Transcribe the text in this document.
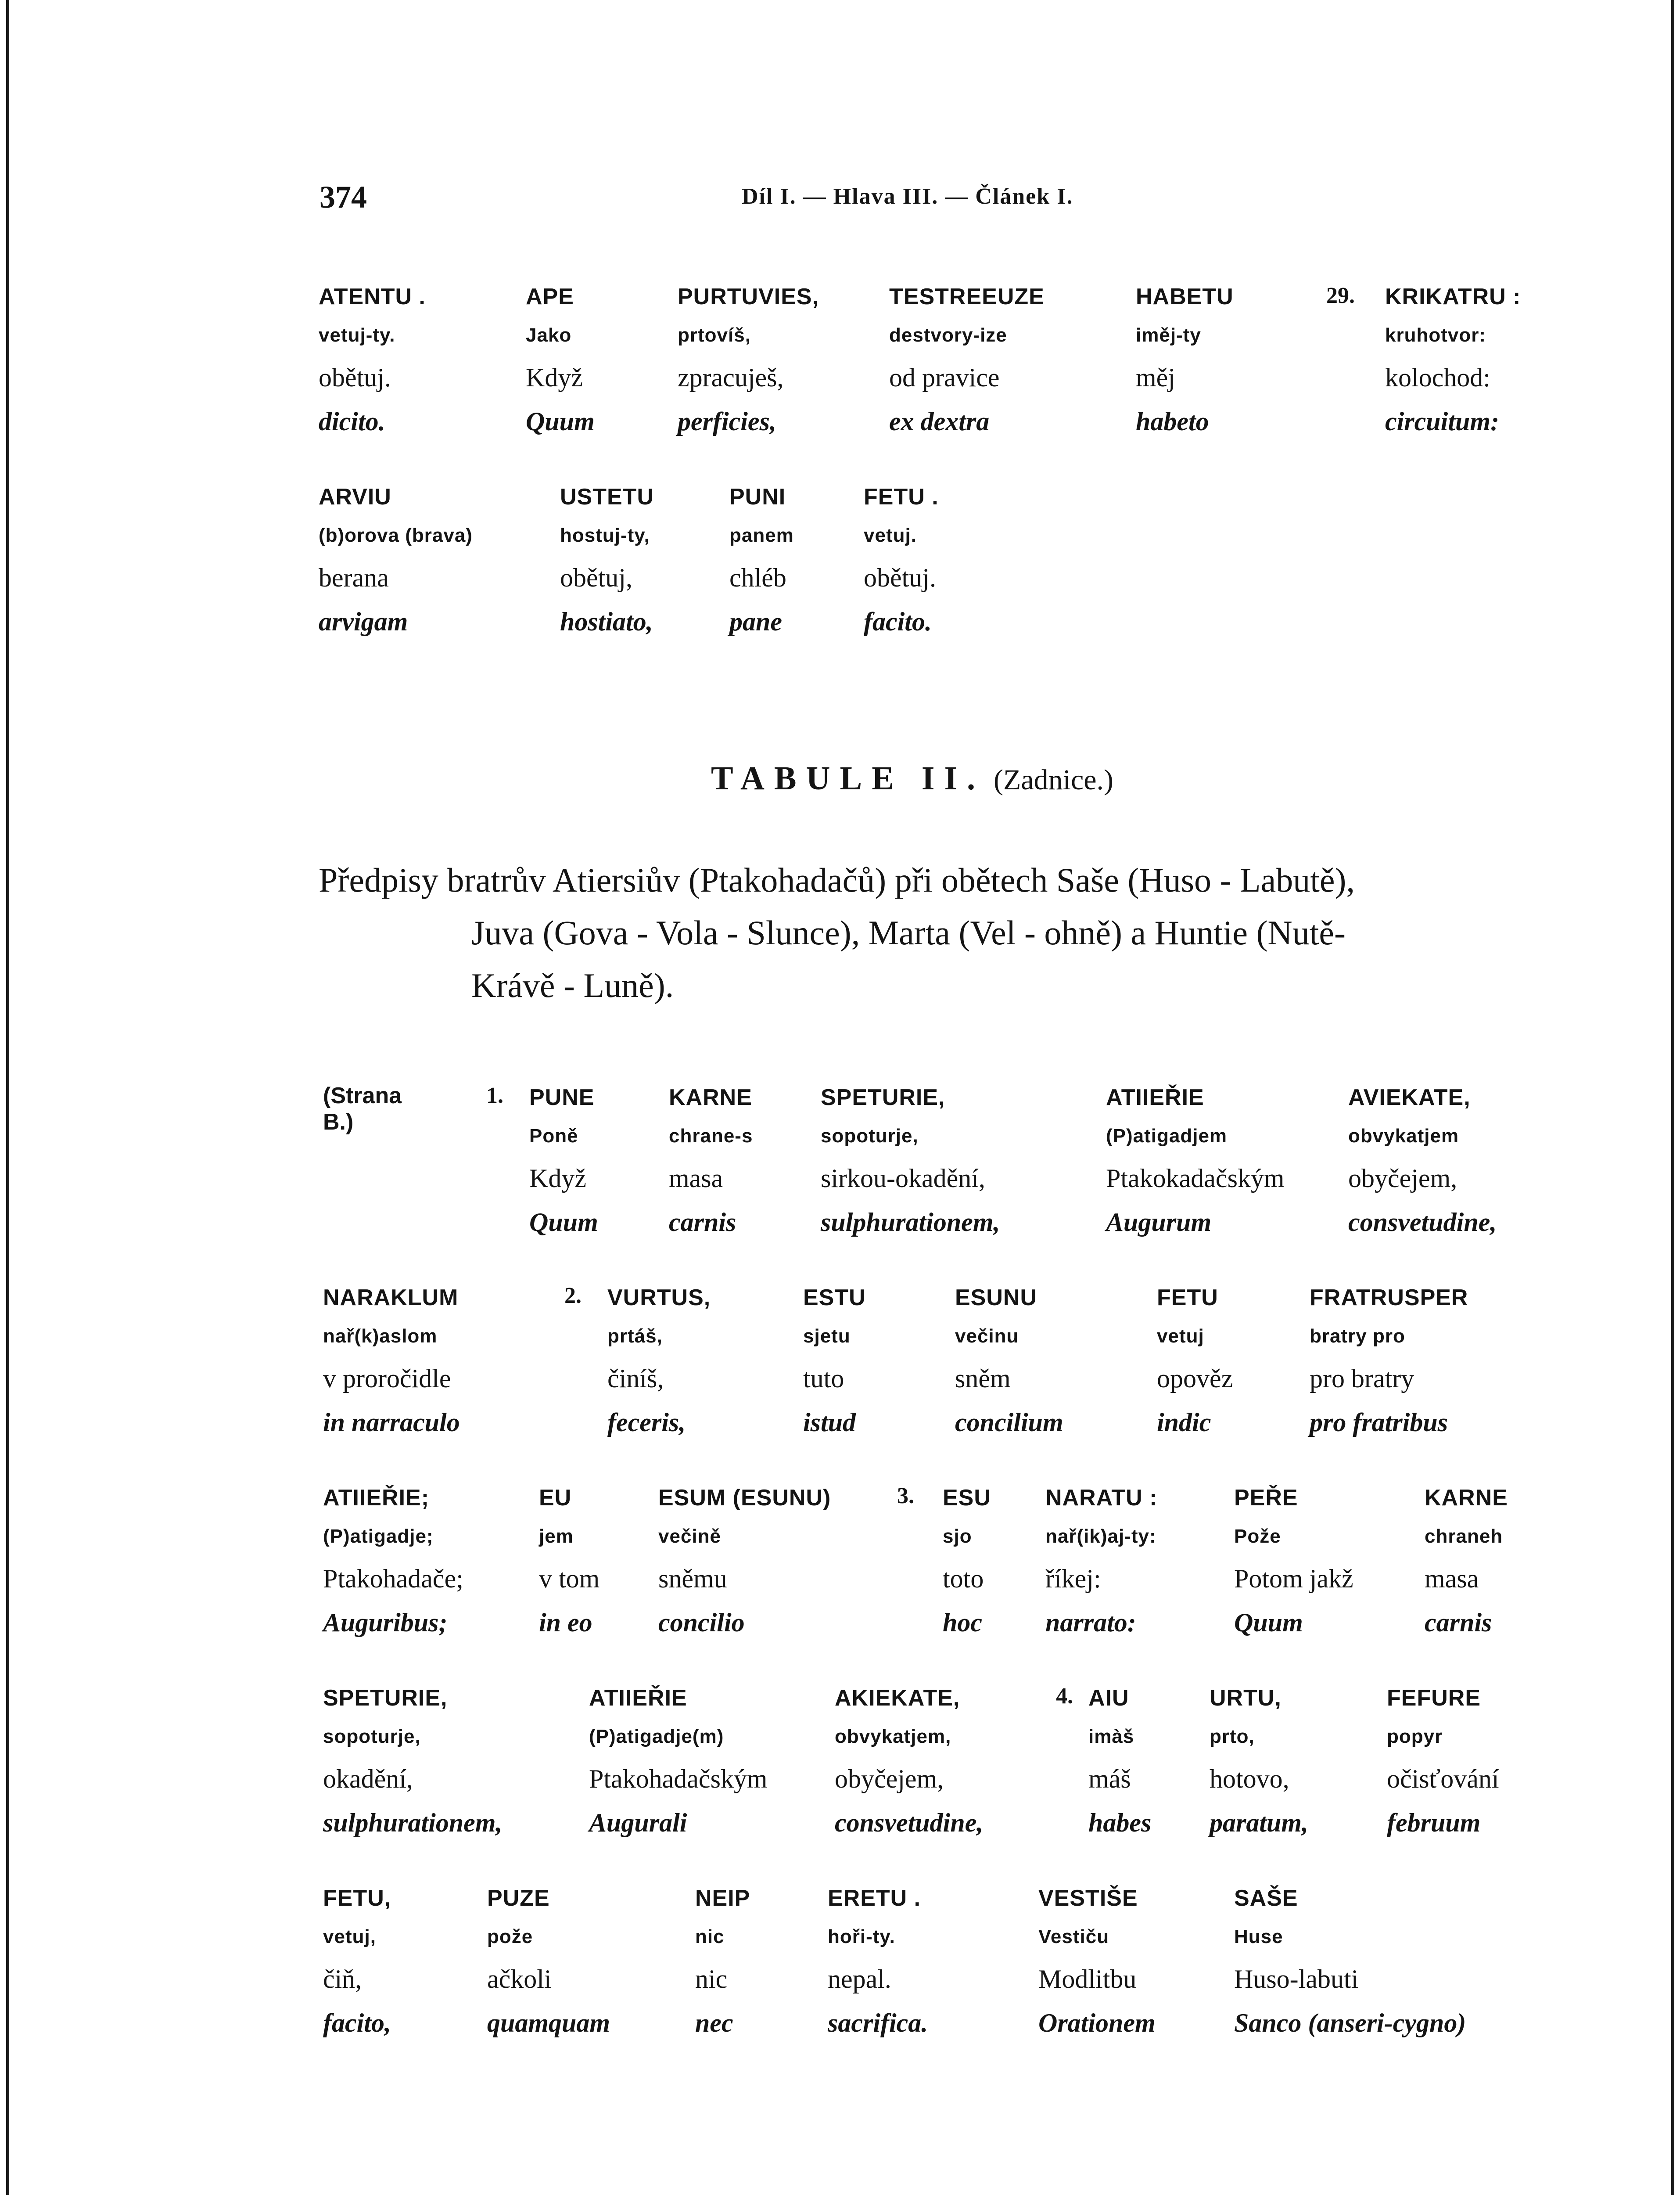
374	Díl I. — Hlava III. — Článek I.
ATENTU .
vetuj-ty.
obětuj.
dicito.
APE
Jako
Když
Quum
PURTUVIES,
prtovíš,
zpracuješ,
perficies,
TESTREEUZE
destvory-ize
od pravice
ex dextra
HABETU
iměj-ty
měj
habeto
29. KRIKATRU :
kruhotvor:
kolochod:
circuitum:
ARVIU
(b)orova (brava)
berana
arvigam
USTETU
hostuj-ty,
obětuj,
hostiato,
PUNI
panem
chléb
pane
FETU .
vetuj.
obětuj.
facito.
TABULE II. (Zadnice.)
Předpisy bratrův Atiersiův (Ptakohadačů) při obětech Saše (Huso - Labutě),
Juva (Gova - Vola - Slunce), Marta (Vel - ohně) a Huntie (Nutě-
Krávě - Luně).
(Strana B.)
1. PUNE
Poně
Když
Quum
KARNE
chrane-s
masa
carnis
SPETURIE,
sopoturje,
sirkou-okadění,
sulphurationem,
ATIIEŘIE
(P)atigadjem
Ptakokadačským
Augurum
AVIEKATE,
obvykatjem
obyčejem,
consvetudine,
NARAKLUM
nař(k)aslom
v proročidle
in narraculo
2. VURTUS,
prtáš,
činíš,
feceris,
ESTU
sjetu
tuto
istud
ESUNU
večinu
sněm
concilium
FETU
vetuj
opověz
indic
FRATRUSPER
bratry pro
pro bratry
pro fratribus
ATIIEŘIE;
(P)atigadje;
Ptakohadače;
Auguribus;
EU
jem
v tom
in eo
ESUM (ESUNU)
večině
sněmu
concilio
3. ESU
sjo
toto
hoc
NARATU :
nař(ik)aj-ty:
říkej:
narrato:
PEŘE
Pože
Potom jakž
Quum
KARNE
chraneh
masa
carnis
SPETURIE,
sopoturje,
okadění,
sulphurationem,
ATIIEŘIE
(P)atigadje(m)
Ptakohadačským
Augurali
AKIEKATE,
obvykatjem,
obyčejem,
consvetudine,
4. AIU
imàš
máš
habes
URTU,
prto,
hotovo,
paratum,
FEFURE
popyr
očisťování
februum
FETU,
vetuj,
čiň,
facito,
PUZE
pože
ačkoli
quamquam
NEIP
nic
nic
nec
ERETU .
hoři-ty.
nepal.
sacrifica.
VESTIŠE
Vestiču
Modlitbu
Orationem
SAŠE
Huse
Huso-labuti
Sanco (anseri-cygno)
